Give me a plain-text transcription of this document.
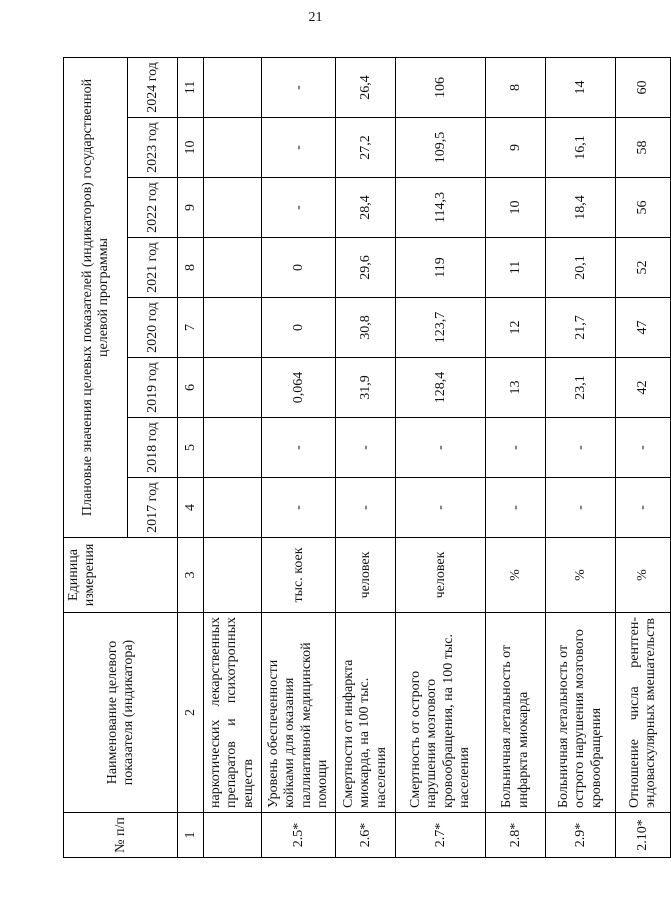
21
№ п/п	Наименование целевого показателя (индикатора)	Единица измерения	Плановые значения целевых показателей (индикаторов) государственной целевой программы							
			2017 год	2018 год	2019 год	2020 год	2021 год	2022 год	2023 год	2024 год
1	2	3	4	5	6	7	8	9	10	11
	наркотических лекарственных препаратов и психотропных веществ									
2.5*	Уровень обеспеченности койками для оказания паллиативной медицинской помощи	тыс. коек	-	-	0,064	0	0	-	-	-
2.6*	Смертности от инфаркта миокарда, на 100 тыс. населения	человек	-	-	31,9	30,8	29,6	28,4	27,2	26,4
2.7*	Смертность от острого нарушения мозгового кровообращения, на 100 тыс. населения	человек	-	-	128,4	123,7	119	114,3	109,5	106
2.8*	Больничная летальность от инфаркта миокарда	%	-	-	13	12	11	10	9	8
2.9*	Больничная летальность от острого нарушения мозгового кровообращения	%	-	-	23,1	21,7	20,1	18,4	16,1	14
2.10*	Отношение числа рентген-эндоваскулярных вмешательств	%	-	-	42	47	52	56	58	60
